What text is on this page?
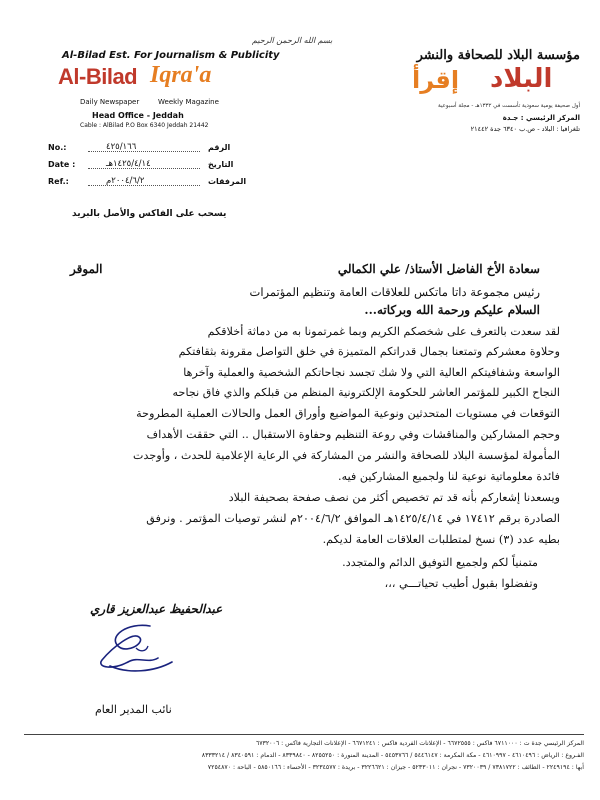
Al-Bilad Est. For Journalism & Publicity
Al-Bilad Iqra'a
Daily Newspaper	Weekly Magazine
Head Office - Jeddah
Cable : AlBilad P.O Box 6340 Jeddah 21442
بسم الله الرحمن الرحيم
مؤسسة البلاد للصحافة والنشر
إقرأ البلاد
أول صحيفة يومية سعودية تأسست في ١٣٣٢هـ - مجلة أسبوعية
المركز الرئيسي : جـدة
تلغرافيا : البلاد - ص.ب ٦٣٤٠ جدة ٢١٤٤٢
No.:	٤٢٥/١٦٦	الرقم
Date :	١٤٢٥/٤/١٤هـ	التاريخ
Ref.:	٢٠٠٤/٦/٢م	المرفقات
يسحب على الفاكس والأصل بالبريد
سعادة الأخ الفاضل الأستاذ/ علي الكمالي
الموقر
رئيس مجموعة داتا ماتكس للعلاقات العامة وتنظيم المؤتمرات
السلام عليكم ورحمة الله وبركاته...
لقد سعدت بالتعرف على شخصكم الكريم وبما غمرتمونا به من دماثة أخلاقكم
وحلاوة معشركم وتمتعنا بجمال قدراتكم المتميزة في خلق التواصل مقرونة بثقافتكم
الواسعة وشفافيتكم العالية التي ولا شك تجسد نجاحاتكم الشخصية والعملية وآخرها
النجاح الكبير للمؤتمر العاشر للحكومة الإلكترونية المنظم من قبلكم والذي فاق نجاحه
التوقعات في مستويات المتحدثين ونوعية المواضيع وأوراق العمل والحالات العملية المطروحة
وحجم المشاركين والمناقشات وفي روعة التنظيم وحفاوة الاستقبال .. التي حققت الأهداف
المأمولة لمؤسسة البلاد للصحافة والنشر من المشاركة في الرعاية الإعلامية للحدث ، وأوجدت
فائدة معلوماتية نوعية لنا ولجميع المشاركين فيه.
ويسعدنا إشعاركم بأنه قد تم تخصيص أكثر من نصف صفحة بصحيفة البلاد
الصادرة برقم ١٧٤١٢ في ١٤٢٥/٤/١٤هـ الموافق ٢٠٠٤/٦/٢م لنشر توصيات المؤتمر . ونرفق
بطيه عدد (٣) نسخ لمتطلبات العلاقات العامة لديكم.
متمنياً لكم ولجميع التوفيق الدائم والمتجدد.
وتفضلوا بقبول أطيب تحياتـــي ،،،
عبدالحفيظ عبدالعزيز قاري
نائب المدير العام
المركز الرئيسي جدة ت : ٦٧١١٠٠٠ فاكس : ٦٦٧٢٥٥٥ - الإعلانات الفردية فاكس : ٦٦٧١٢٤١ - الإعلانات التجارية فاكس : ٦٧٣٢٠٠٦
الفـروع : الرياض : ٤٦١٠٤٩٦ - ٤٦١٠٩٩٧ - مكة المكرمة : ٥٤٤٦١٤٧ / ٥٤٥٣٧٦٦ - المدينة المنورة : ٨٢٥٥٢٥٠ - ٨٣٣٩٨٤٠ - الدمام : ٨٣٤٠٥٩١ / ٨٣٣٣٢١٤
أبها : ٢٢٤٩١٩٤ - الطائف : ٧٣٨١٧٢٢ / ٧٣٢٠٠٣٩ - نجران : ٥٢٣٣٠١١ - جيزان : ٣٢٢٦٦٢١ - بريدة : ٣٢٣٤٥٧٧ - الأحساء : ٥٨٥٠١٦٦ - الباحة : ٧٢٥٤٨٧٠
